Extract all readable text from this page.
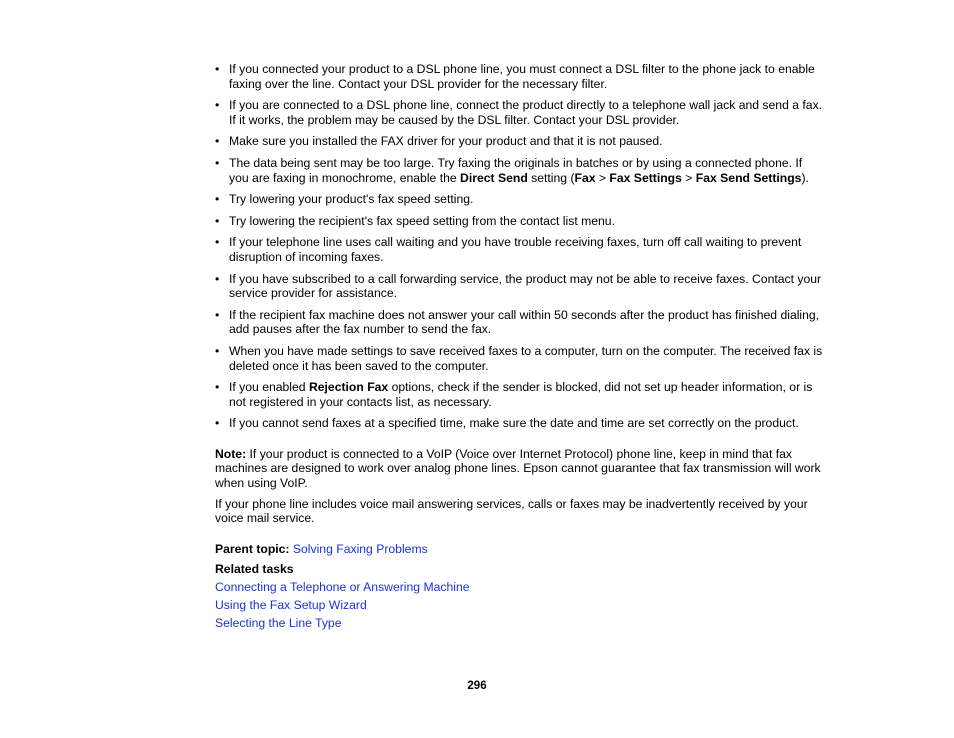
• If you connected your product to a DSL phone line, you must connect a DSL filter to the phone jack to enable faxing over the line. Contact your DSL provider for the necessary filter.
• If you are connected to a DSL phone line, connect the product directly to a telephone wall jack and send a fax. If it works, the problem may be caused by the DSL filter. Contact your DSL provider.
• Make sure you installed the FAX driver for your product and that it is not paused.
• The data being sent may be too large. Try faxing the originals in batches or by using a connected phone. If you are faxing in monochrome, enable the Direct Send setting (Fax > Fax Settings > Fax Send Settings).
• Try lowering your product's fax speed setting.
• Try lowering the recipient's fax speed setting from the contact list menu.
• If your telephone line uses call waiting and you have trouble receiving faxes, turn off call waiting to prevent disruption of incoming faxes.
• If you have subscribed to a call forwarding service, the product may not be able to receive faxes. Contact your service provider for assistance.
• If the recipient fax machine does not answer your call within 50 seconds after the product has finished dialing, add pauses after the fax number to send the fax.
• When you have made settings to save received faxes to a computer, turn on the computer. The received fax is deleted once it has been saved to the computer.
• If you enabled Rejection Fax options, check if the sender is blocked, did not set up header information, or is not registered in your contacts list, as necessary.
• If you cannot send faxes at a specified time, make sure the date and time are set correctly on the product.

Note: If your product is connected to a VoIP (Voice over Internet Protocol) phone line, keep in mind that fax machines are designed to work over analog phone lines. Epson cannot guarantee that fax transmission will work when using VoIP.

If your phone line includes voice mail answering services, calls or faxes may be inadvertently received by your voice mail service.

Parent topic: Solving Faxing Problems

Related tasks

Connecting a Telephone or Answering Machine
Using the Fax Setup Wizard
Selecting the Line Type
296
